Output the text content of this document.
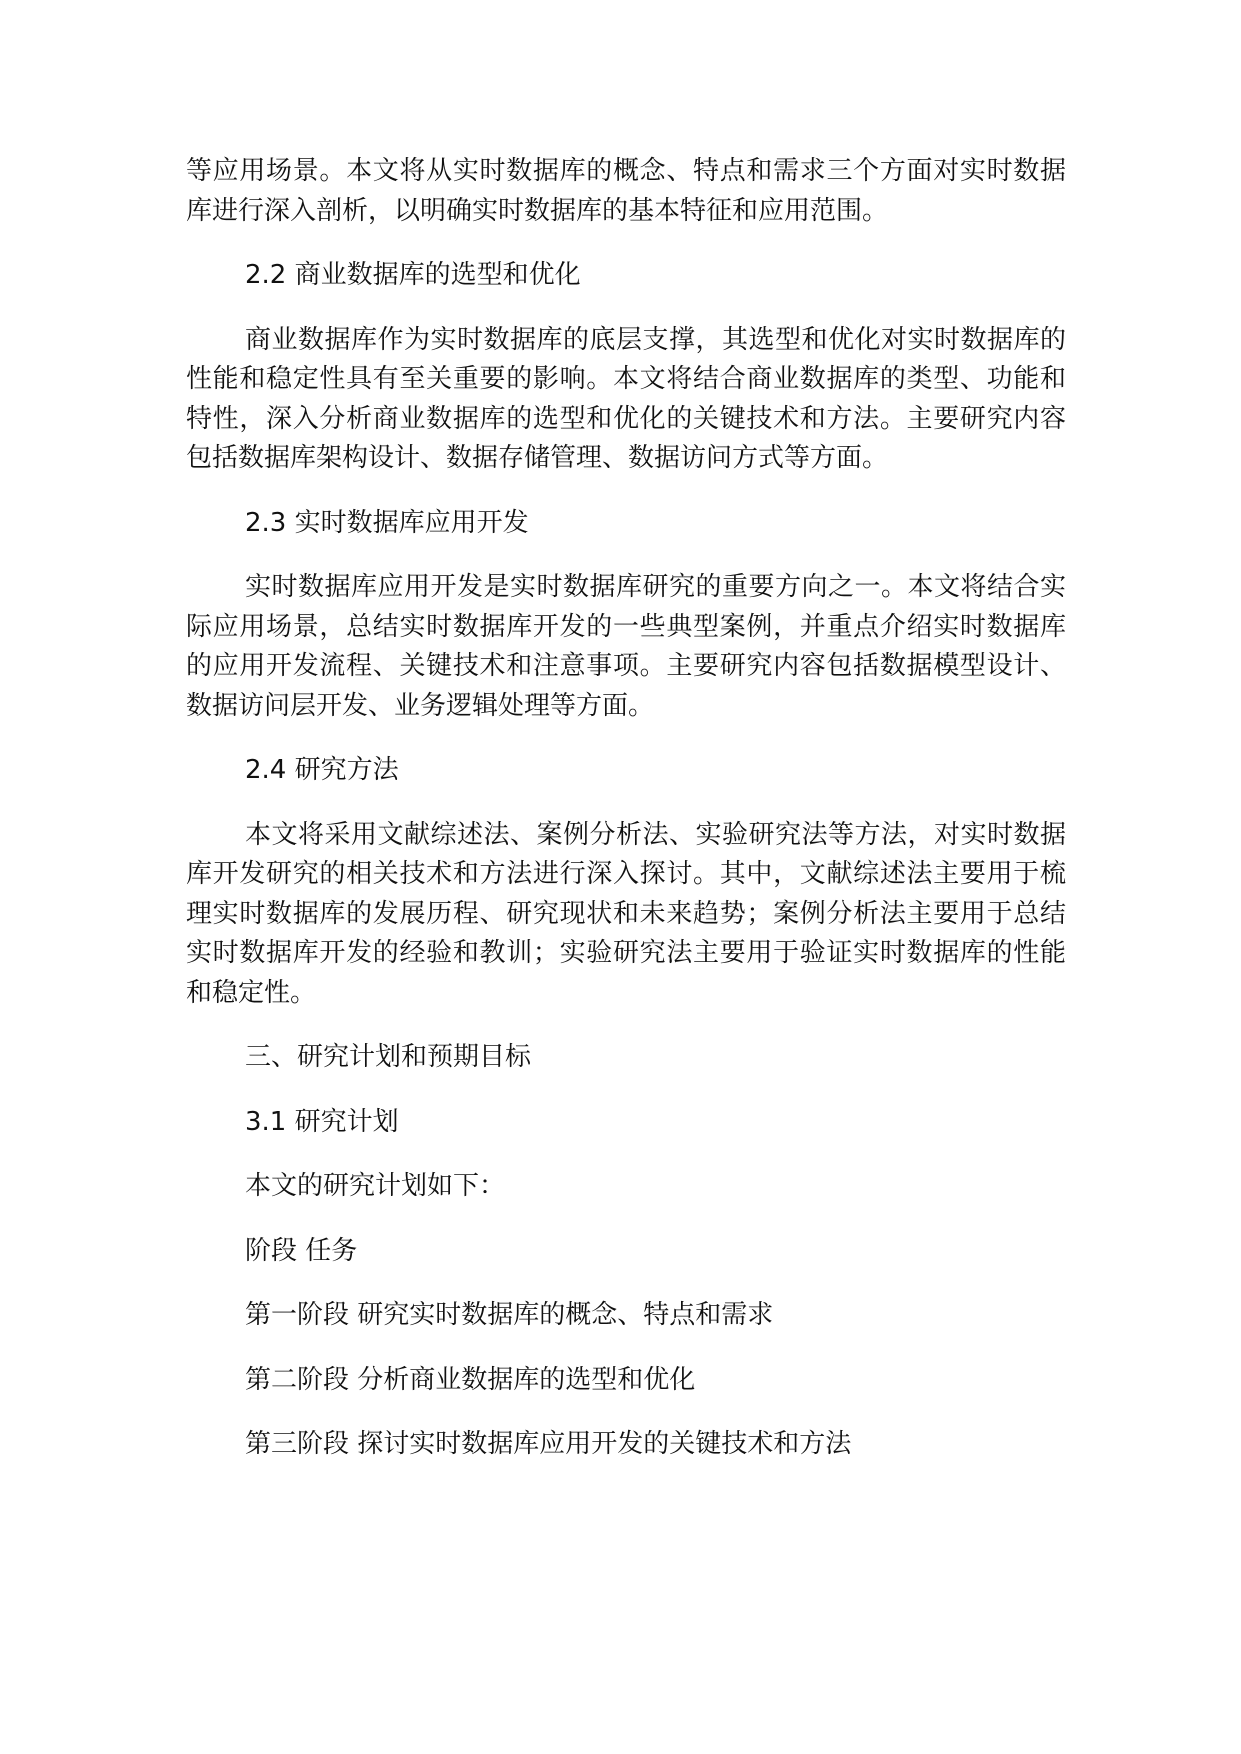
等应用场景。本文将从实时数据库的概念、特点和需求三个方面对实时数据库进行深入剖析，以明确实时数据库的基本特征和应用范围。

2.2 商业数据库的选型和优化

商业数据库作为实时数据库的底层支撑，其选型和优化对实时数据库的性能和稳定性具有至关重要的影响。本文将结合商业数据库的类型、功能和特性，深入分析商业数据库的选型和优化的关键技术和方法。主要研究内容包括数据库架构设计、数据存储管理、数据访问方式等方面。

2.3 实时数据库应用开发

实时数据库应用开发是实时数据库研究的重要方向之一。本文将结合实际应用场景，总结实时数据库开发的一些典型案例，并重点介绍实时数据库的应用开发流程、关键技术和注意事项。主要研究内容包括数据模型设计、数据访问层开发、业务逻辑处理等方面。

2.4 研究方法

本文将采用文献综述法、案例分析法、实验研究法等方法，对实时数据库开发研究的相关技术和方法进行深入探讨。其中，文献综述法主要用于梳理实时数据库的发展历程、研究现状和未来趋势；案例分析法主要用于总结实时数据库开发的经验和教训；实验研究法主要用于验证实时数据库的性能和稳定性。

三、研究计划和预期目标

3.1 研究计划

本文的研究计划如下：

阶段 任务

第一阶段 研究实时数据库的概念、特点和需求

第二阶段 分析商业数据库的选型和优化

第三阶段 探讨实时数据库应用开发的关键技术和方法
